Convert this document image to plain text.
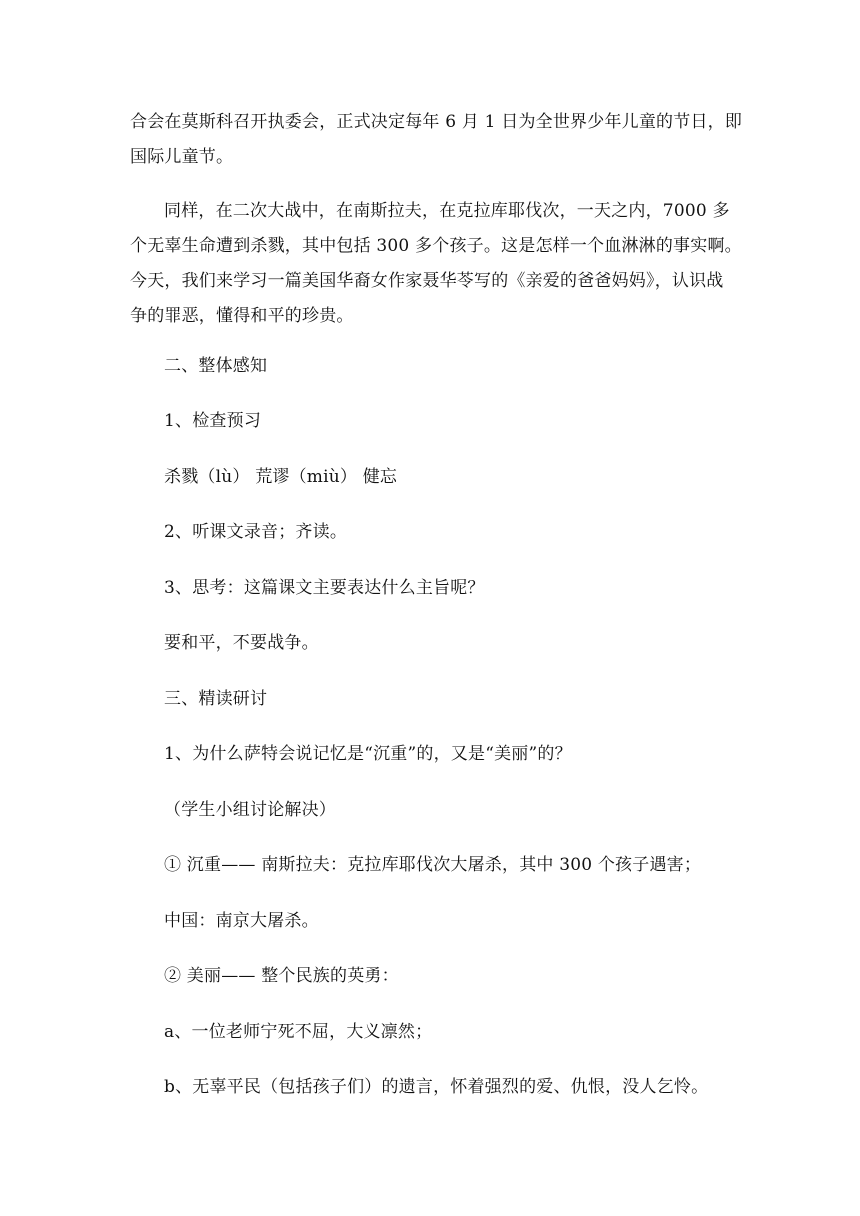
合会在莫斯科召开执委会，正式决定每年 6 月 1 日为全世界少年儿童的节日，即
国际儿童节。
同样，在二次大战中，在南斯拉夫，在克拉库耶伐次，一天之内，7000 多
个无辜生命遭到杀戮，其中包括 300 多个孩子。这是怎样一个血淋淋的事实啊。
今天，我们来学习一篇美国华裔女作家聂华苓写的《亲爱的爸爸妈妈》，认识战
争的罪恶，懂得和平的珍贵。
二、整体感知
1、检查预习
杀戮（lù） 荒谬（miù） 健忘
2、听课文录音；齐读。
3、思考：这篇课文主要表达什么主旨呢？
要和平，不要战争。
三、精读研讨
1、为什么萨特会说记忆是“沉重”的，又是“美丽”的？
（学生小组讨论解决）
① 沉重—— 南斯拉夫：克拉库耶伐次大屠杀，其中 300 个孩子遇害；
中国：南京大屠杀。
② 美丽—— 整个民族的英勇：
a、一位老师宁死不屈，大义凛然；
b、无辜平民（包括孩子们）的遗言，怀着强烈的爱、仇恨，没人乞怜。
